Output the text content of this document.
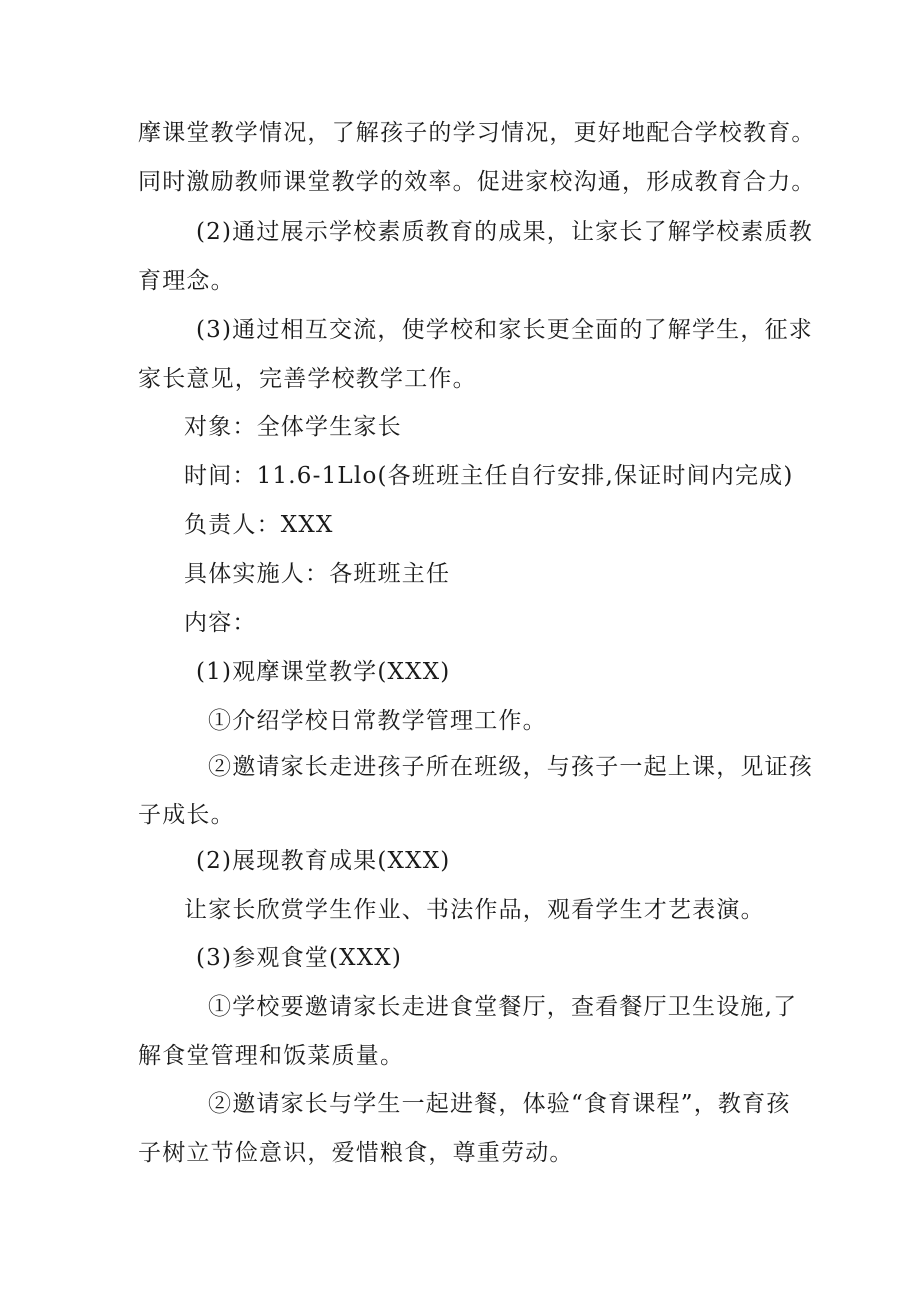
摩课堂教学情况，了解孩子的学习情况，更好地配合学校教育。
同时激励教师课堂教学的效率。促进家校沟通，形成教育合力。
(2)通过展示学校素质教育的成果，让家长了解学校素质教
育理念。
(3)通过相互交流，使学校和家长更全面的了解学生，征求
家长意见，完善学校教学工作。
对象：全体学生家长
时间：11.6-1Llo(各班班主任自行安排,保证时间内完成)
负责人：XXX
具体实施人：各班班主任
内容：
(1)观摩课堂教学(XXX)
①介绍学校日常教学管理工作。
②邀请家长走进孩子所在班级，与孩子一起上课，见证孩
子成长。
(2)展现教育成果(XXX)
让家长欣赏学生作业、书法作品，观看学生才艺表演。
(3)参观食堂(XXX)
①学校要邀请家长走进食堂餐厅，查看餐厅卫生设施,了
解食堂管理和饭菜质量。
②邀请家长与学生一起进餐，体验“食育课程”，教育孩
子树立节俭意识，爱惜粮食，尊重劳动。
